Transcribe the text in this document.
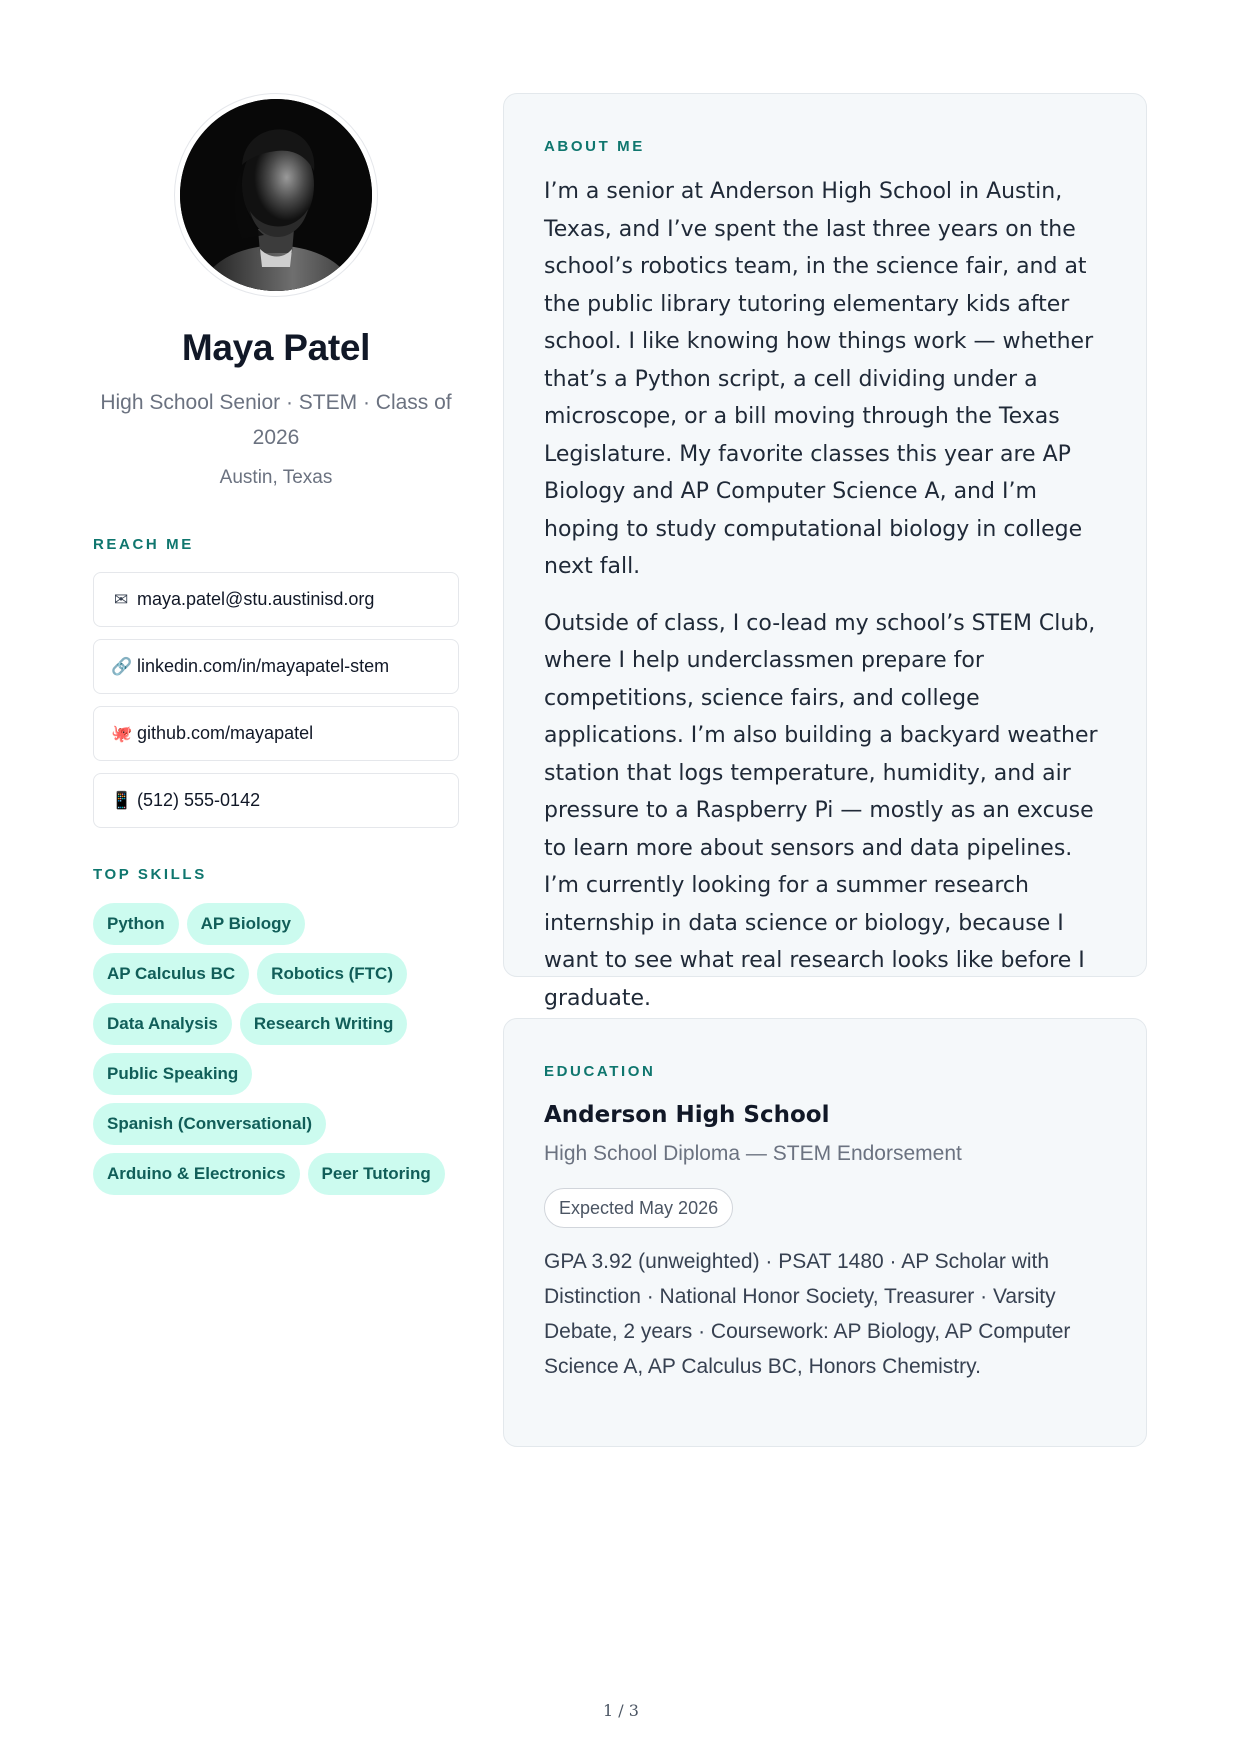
Maya Patel
High School Senior · STEM · Class of 2026
Austin, Texas
REACH ME
✉ maya.patel@stu.austinisd.org
🔗 linkedin.com/in/mayapatel-stem
🐙 github.com/mayapatel
📱 (512) 555-0142
TOP SKILLS
Python	AP Biology
AP Calculus BC	Robotics (FTC)
Data Analysis	Research Writing
Public Speaking
Spanish (Conversational)
Arduino & Electronics	Peer Tutoring
ABOUT ME

I’m a senior at Anderson High School in Austin, Texas, and I’ve spent the last three years on the school’s robotics team, in the science fair, and at the public library tutoring elementary kids after school. I like knowing how things work — whether that’s a Python script, a cell dividing under a microscope, or a bill moving through the Texas Legislature. My favorite classes this year are AP Biology and AP Computer Science A, and I’m hoping to study computational biology in college next fall.

Outside of class, I co-lead my school’s STEM Club, where I help underclassmen prepare for competitions, science fairs, and college applications. I’m also building a backyard weather station that logs temperature, humidity, and air pressure to a Raspberry Pi — mostly as an excuse to learn more about sensors and data pipelines. I’m currently looking for a summer research internship in data science or biology, because I want to see what real research looks like before I graduate.

EDUCATION
Anderson High School
High School Diploma — STEM Endorsement
Expected May 2026
GPA 3.92 (unweighted) · PSAT 1480 · AP Scholar with Distinction · National Honor Society, Treasurer · Varsity Debate, 2 years · Coursework: AP Biology, AP Computer Science A, AP Calculus BC, Honors Chemistry.
1 / 3
